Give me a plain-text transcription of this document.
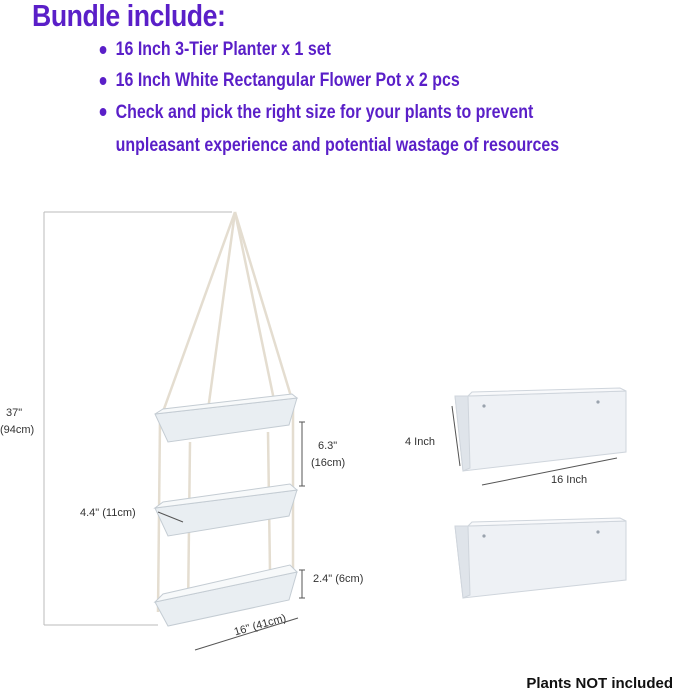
Bundle include:
16 Inch 3-Tier Planter x 1 set
16 Inch White Rectangular Flower Pot x 2 pcs
Check and pick the right size for your plants to prevent unpleasant experience and potential wastage of resources
37"
(94cm)
6.3"
(16cm)
4.4" (11cm)
2.4" (6cm)
16" (41cm)
4 Inch
16 Inch
Plants NOT included
